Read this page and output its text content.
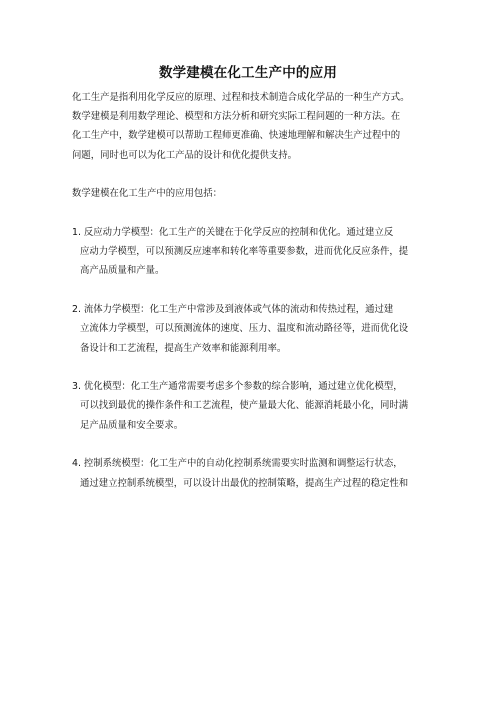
数学建模在化工生产中的应用

化工生产是指利用化学反应的原理、过程和技术制造合成化学品的一种生产方式。
数学建模是利用数学理论、模型和方法分析和研究实际工程问题的一种方法。在
化工生产中，数学建模可以帮助工程师更准确、快速地理解和解决生产过程中的
问题，同时也可以为化工产品的设计和优化提供支持。

数学建模在化工生产中的应用包括：

1. 反应动力学模型：化工生产的关键在于化学反应的控制和优化。通过建立反
应动力学模型，可以预测反应速率和转化率等重要参数，进而优化反应条件，提
高产品质量和产量。

2. 流体力学模型：化工生产中常涉及到液体或气体的流动和传热过程，通过建
立流体力学模型，可以预测流体的速度、压力、温度和流动路径等，进而优化设
备设计和工艺流程，提高生产效率和能源利用率。

3. 优化模型：化工生产通常需要考虑多个参数的综合影响，通过建立优化模型，
可以找到最优的操作条件和工艺流程，使产量最大化、能源消耗最小化，同时满
足产品质量和安全要求。

4. 控制系统模型：化工生产中的自动化控制系统需要实时监测和调整运行状态，
通过建立控制系统模型，可以设计出最优的控制策略，提高生产过程的稳定性和
